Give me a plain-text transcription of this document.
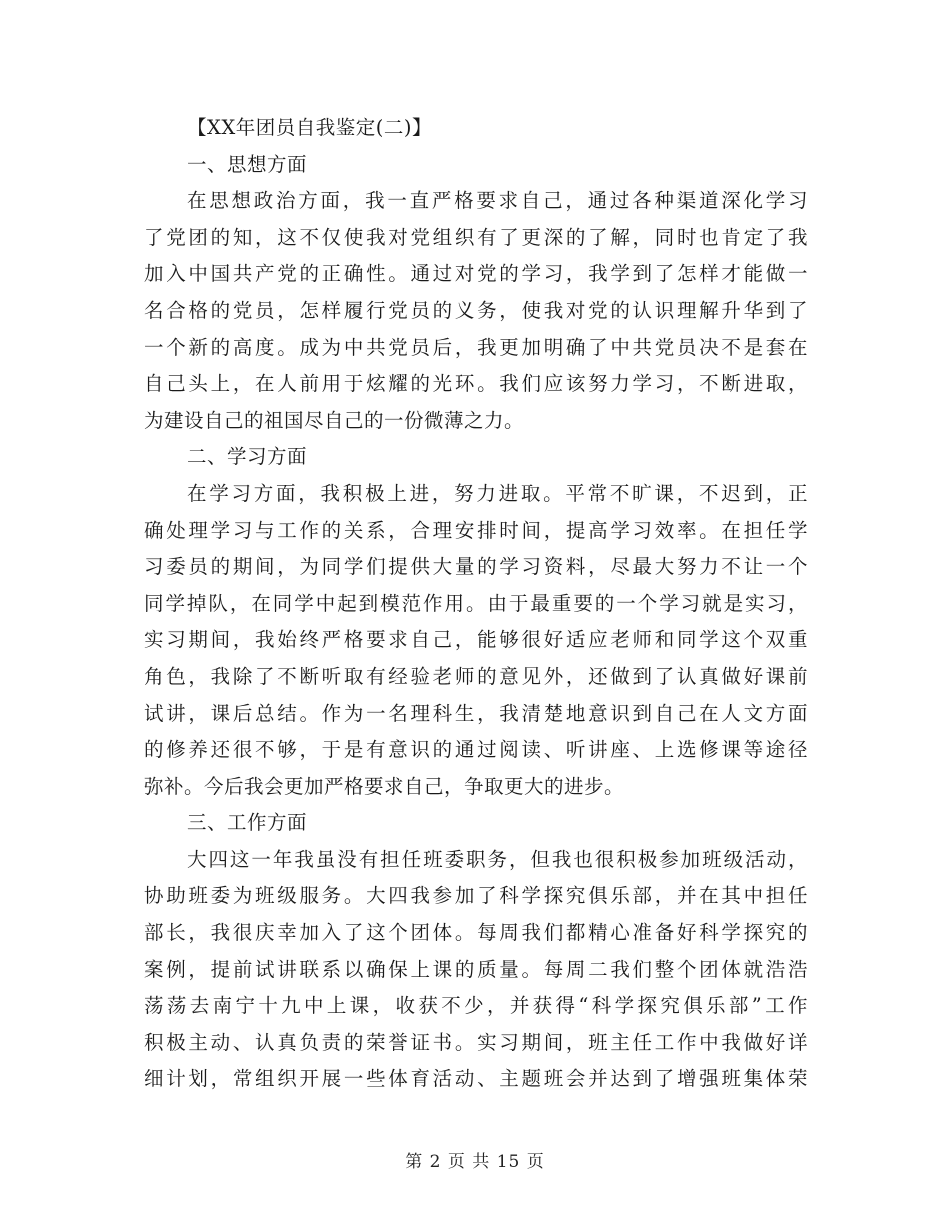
【XX年团员自我鉴定(二)】
一、思想方面
在思想政治方面，我一直严格要求自己，通过各种渠道深化学习
了党团的知，这不仅使我对党组织有了更深的了解，同时也肯定了我
加入中国共产党的正确性。通过对党的学习，我学到了怎样才能做一
名合格的党员，怎样履行党员的义务，使我对党的认识理解升华到了
一个新的高度。成为中共党员后，我更加明确了中共党员决不是套在
自己头上，在人前用于炫耀的光环。我们应该努力学习，不断进取，
为建设自己的祖国尽自己的一份微薄之力。
二、学习方面
在学习方面，我积极上进，努力进取。平常不旷课，不迟到，正
确处理学习与工作的关系，合理安排时间，提高学习效率。在担任学
习委员的期间，为同学们提供大量的学习资料，尽最大努力不让一个
同学掉队，在同学中起到模范作用。由于最重要的一个学习就是实习，
实习期间，我始终严格要求自己，能够很好适应老师和同学这个双重
角色，我除了不断听取有经验老师的意见外，还做到了认真做好课前
试讲，课后总结。作为一名理科生，我清楚地意识到自己在人文方面
的修养还很不够，于是有意识的通过阅读、听讲座、上选修课等途径
弥补。今后我会更加严格要求自己，争取更大的进步。
三、工作方面
大四这一年我虽没有担任班委职务，但我也很积极参加班级活动，
协助班委为班级服务。大四我参加了科学探究俱乐部，并在其中担任
部长，我很庆幸加入了这个团体。每周我们都精心准备好科学探究的
案例，提前试讲联系以确保上课的质量。每周二我们整个团体就浩浩
荡荡去南宁十九中上课，收获不少，并获得“科学探究俱乐部”工作
积极主动、认真负责的荣誉证书。实习期间，班主任工作中我做好详
细计划，常组织开展一些体育活动、主题班会并达到了增强班集体荣
第 2 页 共 15 页
